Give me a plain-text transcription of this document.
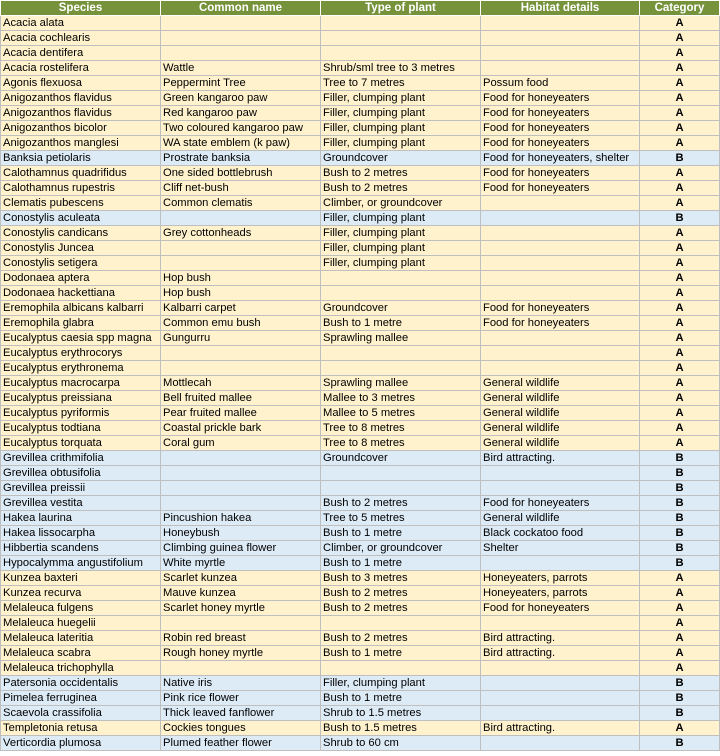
Species	Common name	Type of plant	Habitat details	Category
Acacia alata				A
Acacia cochlearis				A
Acacia dentifera				A
Acacia rostelifera	Wattle	Shrub/sml tree to 3 metres		A
Agonis flexuosa	Peppermint Tree	Tree to 7 metres	Possum food	A
Anigozanthos flavidus	Green kangaroo paw	Filler, clumping plant	Food for honeyeaters	A
Anigozanthos flavidus	Red kangaroo paw	Filler, clumping plant	Food for honeyeaters	A
Anigozanthos bicolor	Two coloured kangaroo paw	Filler, clumping plant	Food for honeyeaters	A
Anigozanthos manglesi	WA state emblem (k paw)	Filler, clumping plant	Food for honeyeaters	A
Banksia petiolaris	Prostrate banksia	Groundcover	Food for honeyeaters, shelter	B
Calothamnus quadrifidus	One sided bottlebrush	Bush to 2 metres	Food for honeyeaters	A
Calothamnus rupestris	Cliff net-bush	Bush to 2 metres	Food for honeyeaters	A
Clematis pubescens	Common clematis	Climber, or groundcover		A
Conostylis aculeata		Filler, clumping plant		B
Conostylis candicans	Grey cottonheads	Filler, clumping plant		A
Conostylis Juncea		Filler, clumping plant		A
Conostylis setigera		Filler, clumping plant		A
Dodonaea aptera	Hop bush			A
Dodonaea hackettiana	Hop bush			A
Eremophila albicans kalbarri	Kalbarri carpet	Groundcover	Food for honeyeaters	A
Eremophila glabra	Common emu bush	Bush to 1 metre	Food for honeyeaters	A
Eucalyptus caesia spp magna	Gungurru	Sprawling mallee		A
Eucalyptus erythrocorys				A
Eucalyptus erythronema				A
Eucalyptus macrocarpa	Mottlecah	Sprawling mallee	General wildlife	A
Eucalyptus preissiana	Bell fruited mallee	Mallee to 3 metres	General wildlife	A
Eucalyptus pyriformis	Pear fruited mallee	Mallee to 5 metres	General wildlife	A
Eucalyptus todtiana	Coastal prickle bark	Tree to 8 metres	General wildlife	A
Eucalyptus torquata	Coral gum	Tree to 8 metres	General wildlife	A
Grevillea crithmifolia		Groundcover	Bird attracting.	B
Grevillea obtusifolia				B
Grevillea preissii				B
Grevillea vestita		Bush to 2 metres	Food for honeyeaters	B
Hakea laurina	Pincushion hakea	Tree to 5 metres	General wildlife	B
Hakea lissocarpha	Honeybush	Bush to 1 metre	Black cockatoo food	B
Hibbertia scandens	Climbing guinea flower	Climber, or groundcover	Shelter	B
Hypocalymma angustifolium	White myrtle	Bush to 1 metre		B
Kunzea baxteri	Scarlet kunzea	Bush to 3 metres	Honeyeaters, parrots	A
Kunzea recurva	Mauve kunzea	Bush to 2 metres	Honeyeaters, parrots	A
Melaleuca fulgens	Scarlet honey myrtle	Bush to 2 metres	Food for honeyeaters	A
Melaleuca huegelii				A
Melaleuca lateritia	Robin red breast	Bush to 2 metres	Bird attracting.	A
Melaleuca scabra	Rough honey myrtle	Bush to 1 metre	Bird attracting.	A
Melaleuca trichophylla				A
Patersonia occidentalis	Native iris	Filler, clumping plant		B
Pimelea ferruginea	Pink rice flower	Bush to 1 metre		B
Scaevola crassifolia	Thick leaved fanflower	Shrub to 1.5 metres		B
Templetonia retusa	Cockies tongues	Bush to 1.5 metres	Bird attracting.	A
Verticordia plumosa	Plumed feather flower	Shrub to 60 cm		B
